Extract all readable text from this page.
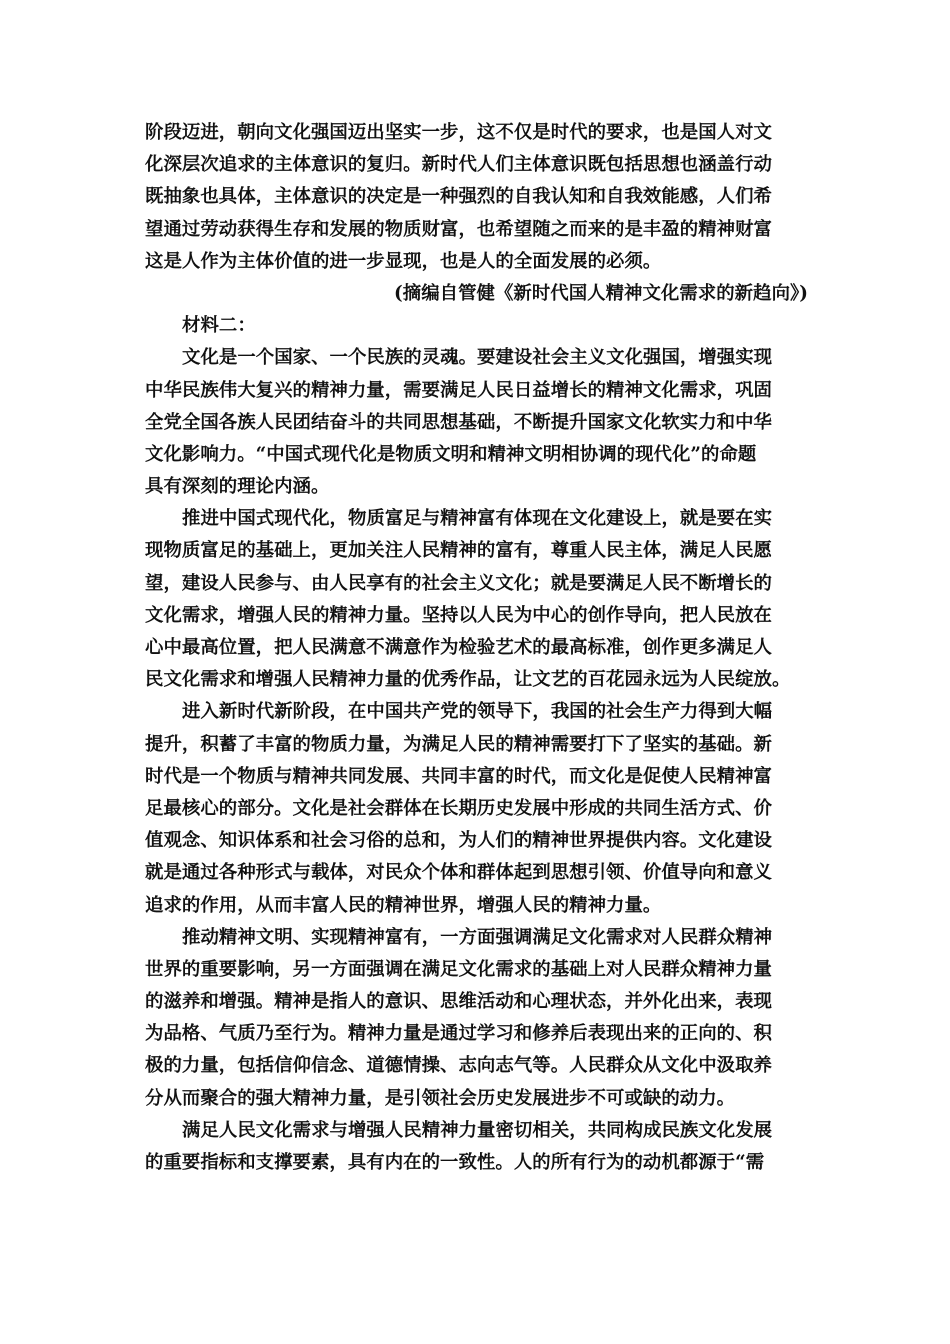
阶段迈进，朝向文化强国迈出坚实一步，这不仅是时代的要求，也是国人对文
化深层次追求的主体意识的复归。新时代人们主体意识既包括思想也涵盖行动
既抽象也具体，主体意识的决定是一种强烈的自我认知和自我效能感，人们希
望通过劳动获得生存和发展的物质财富，也希望随之而来的是丰盈的精神财富
这是人作为主体价值的进一步显现，也是人的全面发展的必须。
(摘编自管健《新时代国人精神文化需求的新趋向》)
材料二：
文化是一个国家、一个民族的灵魂。要建设社会主义文化强国，增强实现
中华民族伟大复兴的精神力量，需要满足人民日益增长的精神文化需求，巩固
全党全国各族人民团结奋斗的共同思想基础，不断提升国家文化软实力和中华
文化影响力。“中国式现代化是物质文明和精神文明相协调的现代化”的命题
具有深刻的理论内涵。
推进中国式现代化，物质富足与精神富有体现在文化建设上，就是要在实
现物质富足的基础上，更加关注人民精神的富有，尊重人民主体，满足人民愿
望，建设人民参与、由人民享有的社会主义文化；就是要满足人民不断增长的
文化需求，增强人民的精神力量。坚持以人民为中心的创作导向，把人民放在
心中最高位置，把人民满意不满意作为检验艺术的最高标准，创作更多满足人
民文化需求和增强人民精神力量的优秀作品，让文艺的百花园永远为人民绽放。
进入新时代新阶段，在中国共产党的领导下，我国的社会生产力得到大幅
提升，积蓄了丰富的物质力量，为满足人民的精神需要打下了坚实的基础。新
时代是一个物质与精神共同发展、共同丰富的时代，而文化是促使人民精神富
足最核心的部分。文化是社会群体在长期历史发展中形成的共同生活方式、价
值观念、知识体系和社会习俗的总和，为人们的精神世界提供内容。文化建设
就是通过各种形式与载体，对民众个体和群体起到思想引领、价值导向和意义
追求的作用，从而丰富人民的精神世界，增强人民的精神力量。
推动精神文明、实现精神富有，一方面强调满足文化需求对人民群众精神
世界的重要影响，另一方面强调在满足文化需求的基础上对人民群众精神力量
的滋养和增强。精神是指人的意识、思维活动和心理状态，并外化出来，表现
为品格、气质乃至行为。精神力量是通过学习和修养后表现出来的正向的、积
极的力量，包括信仰信念、道德情操、志向志气等。人民群众从文化中汲取养
分从而聚合的强大精神力量，是引领社会历史发展进步不可或缺的动力。
满足人民文化需求与增强人民精神力量密切相关，共同构成民族文化发展
的重要指标和支撑要素，具有内在的一致性。人的所有行为的动机都源于“需
